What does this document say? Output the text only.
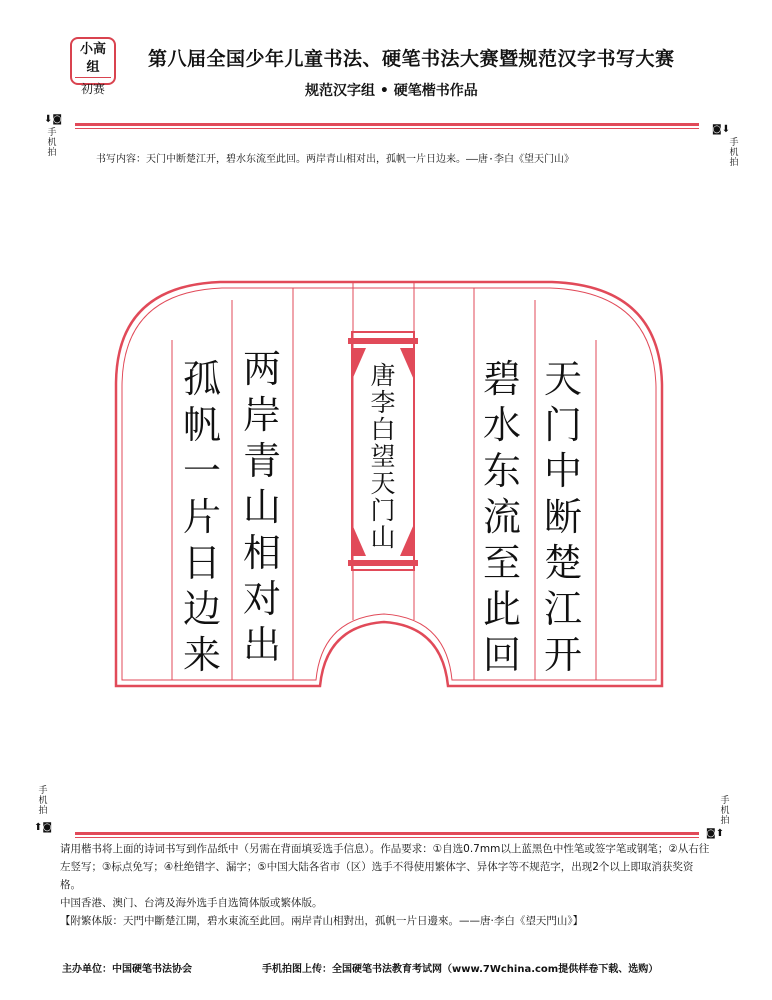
小高组
初赛
第八届全国少年儿童书法、硬笔书法大赛暨规范汉字书写大赛
规范汉字组 • 硬笔楷书作品
⬇◙
手机拍
◙⬇
手机拍
手机拍
⬆◙
手机拍
◙⬆
书写内容：天门中断楚江开，碧水东流至此回。两岸青山相对出，孤帆一片日边来。——唐·李白《望天门山》
天门中断楚江开
碧水东流至此回
唐李白望天门山
两岸青山相对出
孤帆一片日边来
请用楷书将上面的诗词书写到作品纸中（另需在背面填妥选手信息）。作品要求：①自选0.7mm以上蓝黑色中性笔或签字笔或钢笔；②从右往左竖写；③标点免写；④杜绝错字、漏字；⑤中国大陆各省市（区）选手不得使用繁体字、异体字等不规范字，出现2个以上即取消获奖资格。
中国香港、澳门、台湾及海外选手自选简体版或繁体版。
【附繁体版：天門中斷楚江開，碧水東流至此回。兩岸青山相對出，孤帆一片日邊來。——唐·李白《望天門山》】
主办单位：中国硬笔书法协会	手机拍图上传：全国硬笔书法教育考试网（www.7Wchina.com提供样卷下载、选购）
